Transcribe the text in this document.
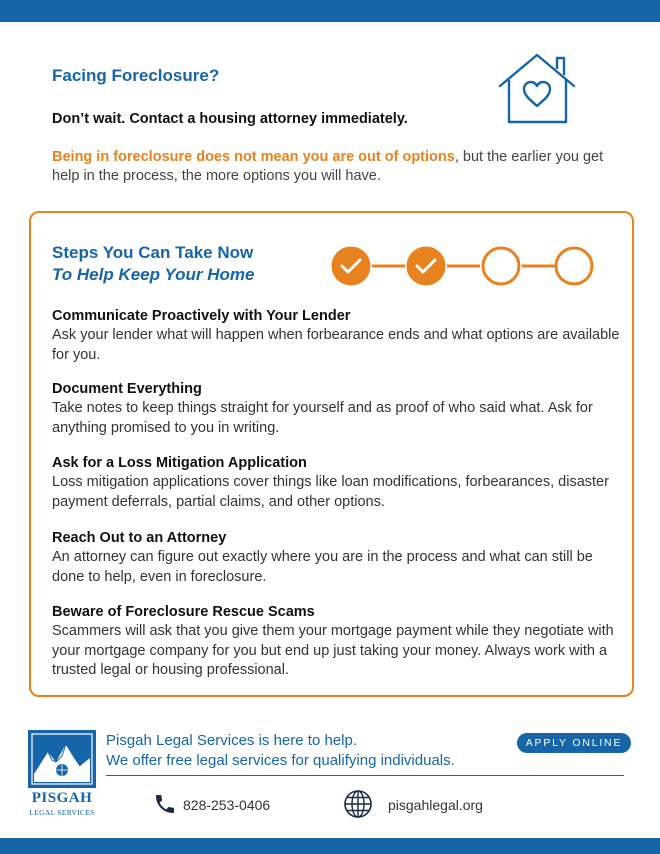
Facing Foreclosure?

Don’t wait. Contact a housing attorney immediately.

Being in foreclosure does not mean you are out of options, but the earlier you get help in the process, the more options you will have.

Steps You Can Take Now
To Help Keep Your Home
Communicate Proactively with Your Lender
Ask your lender what will happen when forbearance ends and what options are available for you.
Document Everything
Take notes to keep things straight for yourself and as proof of who said what. Ask for anything promised to you in writing.
Ask for a Loss Mitigation Application
Loss mitigation applications cover things like loan modifications, forbearances, disaster payment deferrals, partial claims, and other options.
Reach Out to an Attorney
An attorney can figure out exactly where you are in the process and what can still be done to help, even in foreclosure.
Beware of Foreclosure Rescue Scams
Scammers will ask that you give them your mortgage payment while they negotiate with your mortgage company for you but end up just taking your money. Always work with a trusted legal or housing professional.
PISGAH
LEGAL SERVICES
Pisgah Legal Services is here to help.
We offer free legal services for qualifying individuals.
APPLY ONLINE
828-253-0406	pisgahlegal.org
